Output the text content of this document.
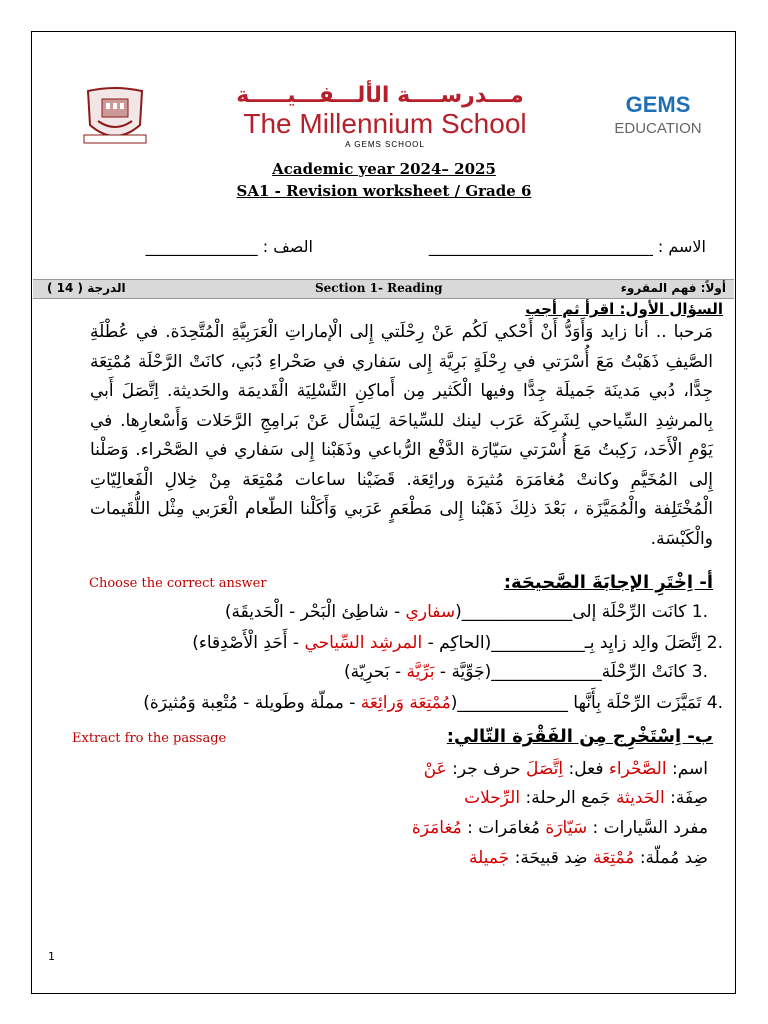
مـــدرســــة الألـــفـــيـــــة
The Millennium School
A GEMS SCHOOL
GEMS
EDUCATION
Academic year 2024– 2025
SA1 - Revision worksheet / Grade 6
الاسم : ____________________________
الصف : ______________
أولاً: فهم المقروء
Section 1- Reading
الدرجة ( 14 )
السؤال الأول: اقرأ ثم أجب
مَرحبا .. أنا زايد وَأَوَدُّ أَنْ أَحْكي لَكُم عَنْ رِحْلَتي إِلى الْإماراتِ الْعَرَبِيَّةِ الْمُتَّحِدَة. في عُطْلَةِ الصَّيفِ ذَهَبْتُ مَعَ أُسْرَتي في رِحْلَةٍ بَرِيَّة إِلى سَفاري في صَحْراءِ دُبَي، كانَتْ الرَّحْلَة مُمْتِعَة جِدًّا، دُبي مَدينَة جَميلَة جِدًّا وفيها الْكَثير مِن أَماكِنِ التَّسْلِيَة الْقَديمَة والحَديثة. اِتَّصَلَ أَبي بِالمرشِدِ السِّياحي لِشَرِكَة عَرَب لينك للسِّياحَة لِيَسْأَل عَنْ بَرامِجِ الرَّحَلات وَأَسْعارِها. في يَوْمِ الْأَحَد، رَكِبتُ مَعَ أُسْرَتي سَيّارَة الدَّفْع الرُّباعي وذَهَبْنا إِلى سَفاري في الصَّحْراء. وَصَلْنا إِلى المُخَيَّمِ وكانتْ مُغامَرَة مُثيرَة ورائِعَة. قَضَيْنا ساعات مُمْتِعَة مِنْ خِلالِ الْفَعالِيّاتِ الْمُخْتَلِفة والْمُمَيَّزَة ، بَعْدَ ذلِكَ ذَهَبْنا إِلى مَطْعَمٍ عَرَبي وَأَكَلْنا الطّعام الْعَرَبي مِثْل اللُّقَيمات والْكَبْسَة.
Choose the correct answer	أ- اِخْتَرِ الإجابَةَ الصَّحيحَة:
.1 كانَت الرِّحْلَة إلى_____________(سفاري - شاطِئ الْبَحْر - الْحَديقَة)
.2 اِتَّصَلَ والِد زايِد بِـ___________(الحاكِم - المرشِد السِّياحي - أَحَدِ الْأَصْدِقاء)
.3 كانَتْ الرِّحْلَة_____________(جَوِّيَّة - بَرِّيَّة - بَحرِيّة)
.4 تَمَيَّزَت الرِّحْلَة بِأَنَّها _____________(مُمْتِعَة وَرائِعَة - مملّة وطَويلة - مُتْعِبة وَمُثيرَة)
Extract fro the passage	ب- اِسْتَخْرِج مِن الفَقْرَة التّالي:
اسم: الصَّحْراء فعل: اِتَّصَلَ حرف جر: عَنْ
صِفَة: الحَديثة جَمع الرحلة: الرِّحلات
مفرد السَّيارات : سَيّارَة مُغامَرات : مُغامَرَة
ضِد مُملّة: مُمْتِعَة ضِد قبيحَة: جَميلة
1
